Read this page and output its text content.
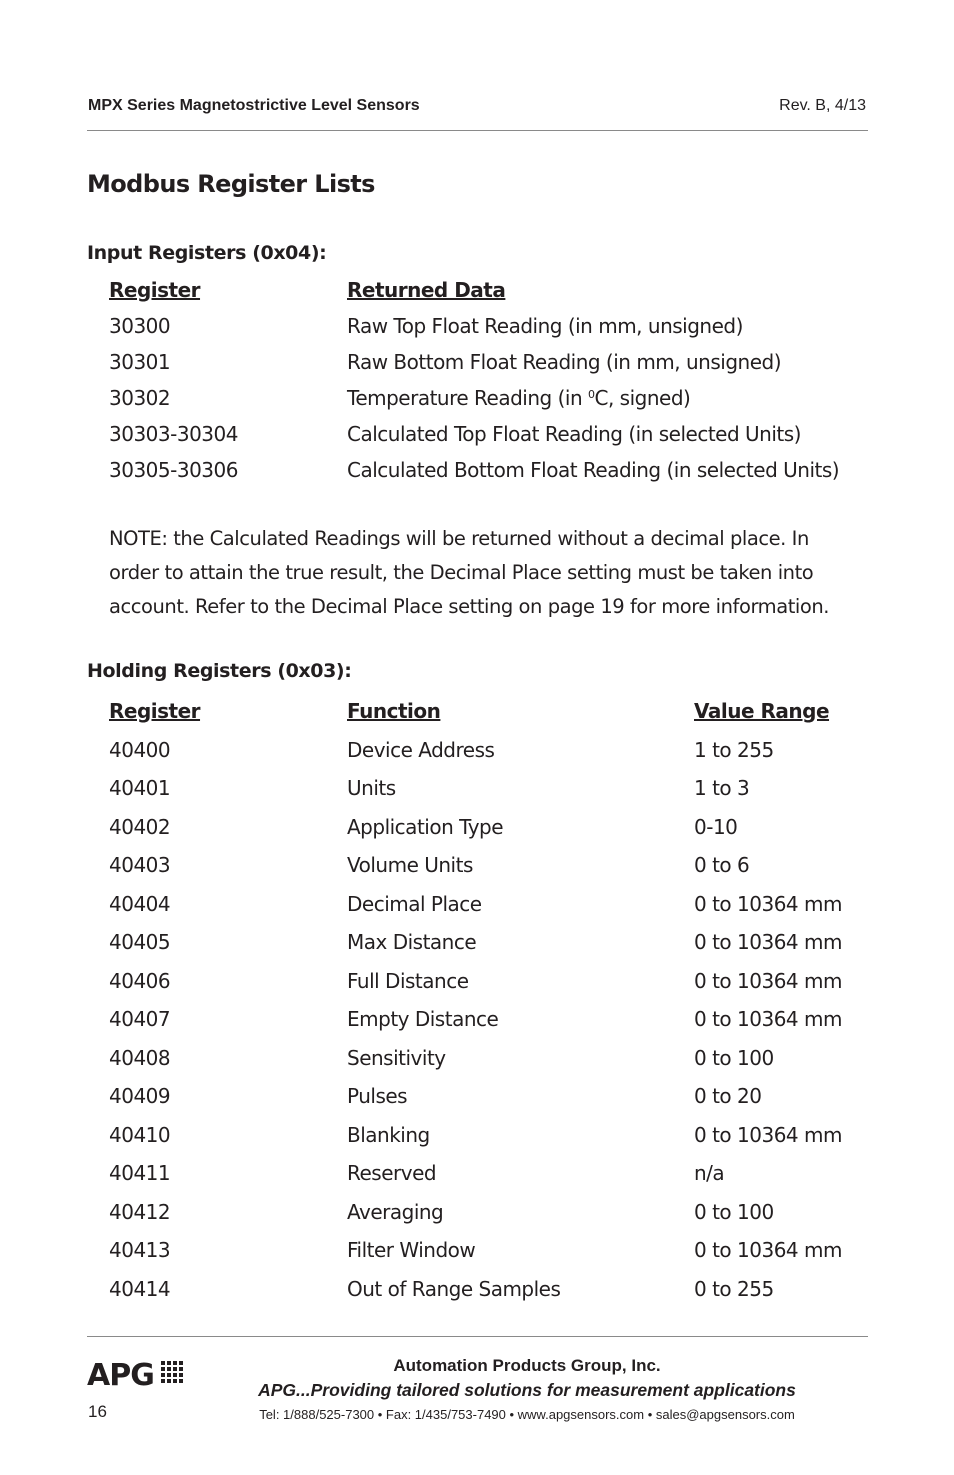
MPX Series Magnetostrictive Level Sensors	Rev. B, 4/13
Modbus Register Lists
Input Registers (0x04):
Register	Returned Data
30300	Raw Top Float Reading (in mm, unsigned)
30301	Raw Bottom Float Reading (in mm, unsigned)
30302	Temperature Reading (in $^0$C, signed)
30303-30304	Calculated Top Float Reading (in selected Units)
30305-30306	Calculated Bottom Float Reading (in selected Units)

NOTE: the Calculated Readings will be returned without a decimal place. In

order to attain the true result, the Decimal Place setting must be taken into

account. Refer to the Decimal Place setting on page 19 for more information.

Holding Registers (0x03):
Register	Function	Value Range
40400	Device Address	1 to 255
40401	Units	1 to 3
40402	Application Type	0-10
40403	Volume Units	0 to 6
40404	Decimal Place	0 to 10364 mm
40405	Max Distance	0 to 10364 mm
40406	Full Distance	0 to 10364 mm
40407	Empty Distance	0 to 10364 mm
40408	Sensitivity	0 to 100
40409	Pulses	0 to 20
40410	Blanking	0 to 10364 mm
40411	Reserved	n/a
40412	Averaging	0 to 100
40413	Filter Window	0 to 10364 mm
40414	Out of Range Samples	0 to 255
APG
16
Automation Products Group, Inc.
APG...Providing tailored solutions for measurement applications
Tel: 1/888/525-7300 • Fax: 1/435/753-7490 • www.apgsensors.com • sales@apgsensors.com
